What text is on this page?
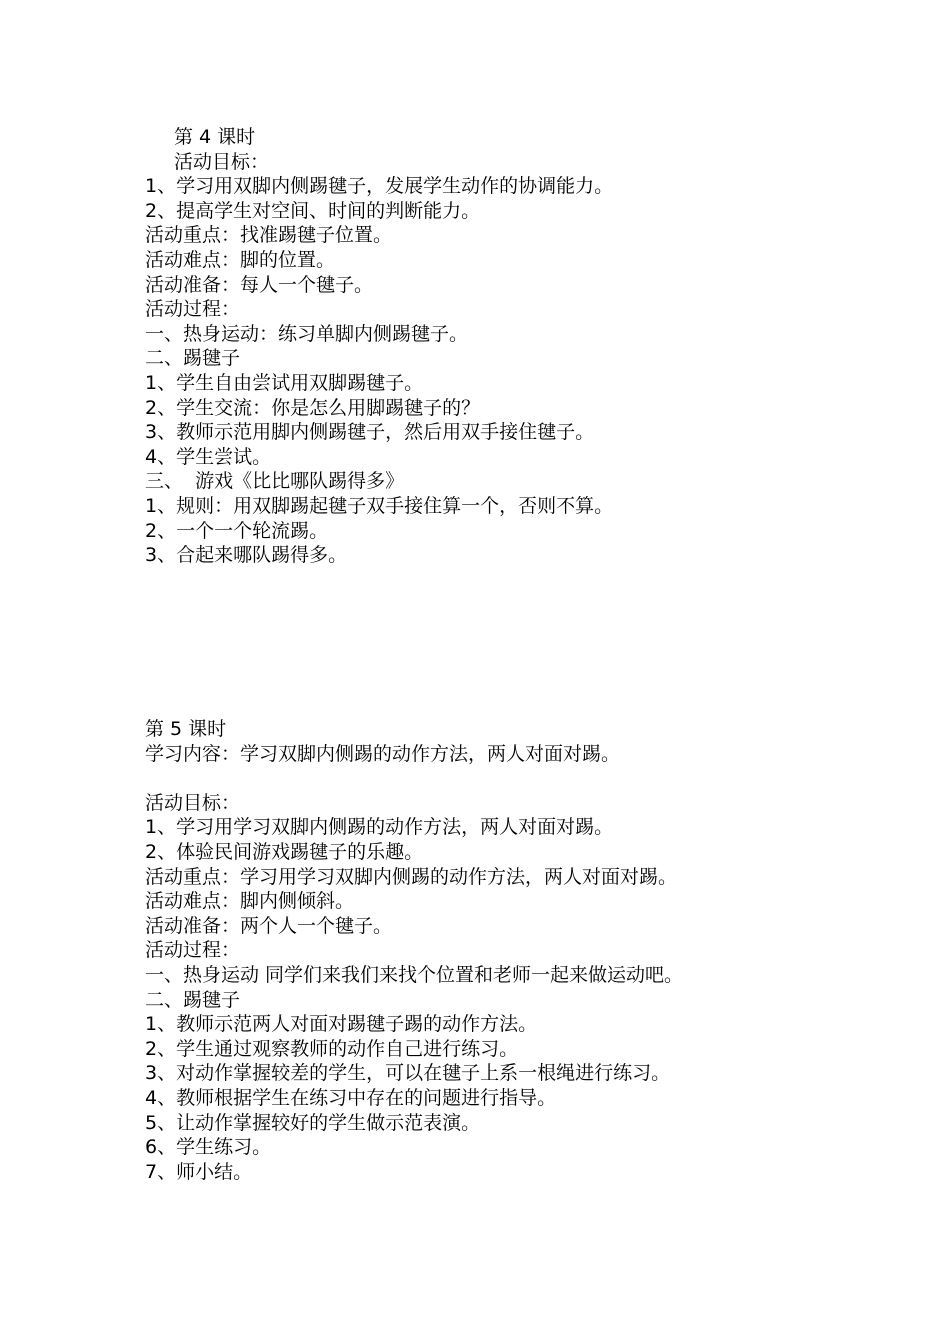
第 4 课时
活动目标：
1、学习用双脚内侧踢毽子，发展学生动作的协调能力。
2、提高学生对空间、时间的判断能力。
活动重点：找准踢毽子位置。
活动难点：脚的位置。
活动准备：每人一个毽子。
活动过程：
一、热身运动：练习单脚内侧踢毽子。
二、踢毽子
1、学生自由尝试用双脚踢毽子。
2、学生交流：你是怎么用脚踢毽子的？
3、教师示范用脚内侧踢毽子，然后用双手接住毽子。
4、学生尝试。
三、  游戏《比比哪队踢得多》
1、规则：用双脚踢起毽子双手接住算一个，否则不算。
2、一个一个轮流踢。
3、合起来哪队踢得多。
第 5 课时
学习内容：学习双脚内侧踢的动作方法，两人对面对踢。
活动目标：
1、学习用学习双脚内侧踢的动作方法，两人对面对踢。
2、体验民间游戏踢毽子的乐趣。
活动重点：学习用学习双脚内侧踢的动作方法，两人对面对踢。
活动难点：脚内侧倾斜。
活动准备：两个人一个毽子。
活动过程：
一、热身运动 同学们来我们来找个位置和老师一起来做运动吧。
二、踢毽子
1、教师示范两人对面对踢毽子踢的动作方法。
2、学生通过观察教师的动作自己进行练习。
3、对动作掌握较差的学生，可以在毽子上系一根绳进行练习。
4、教师根据学生在练习中存在的问题进行指导。
5、让动作掌握较好的学生做示范表演。
6、学生练习。
7、师小结。
